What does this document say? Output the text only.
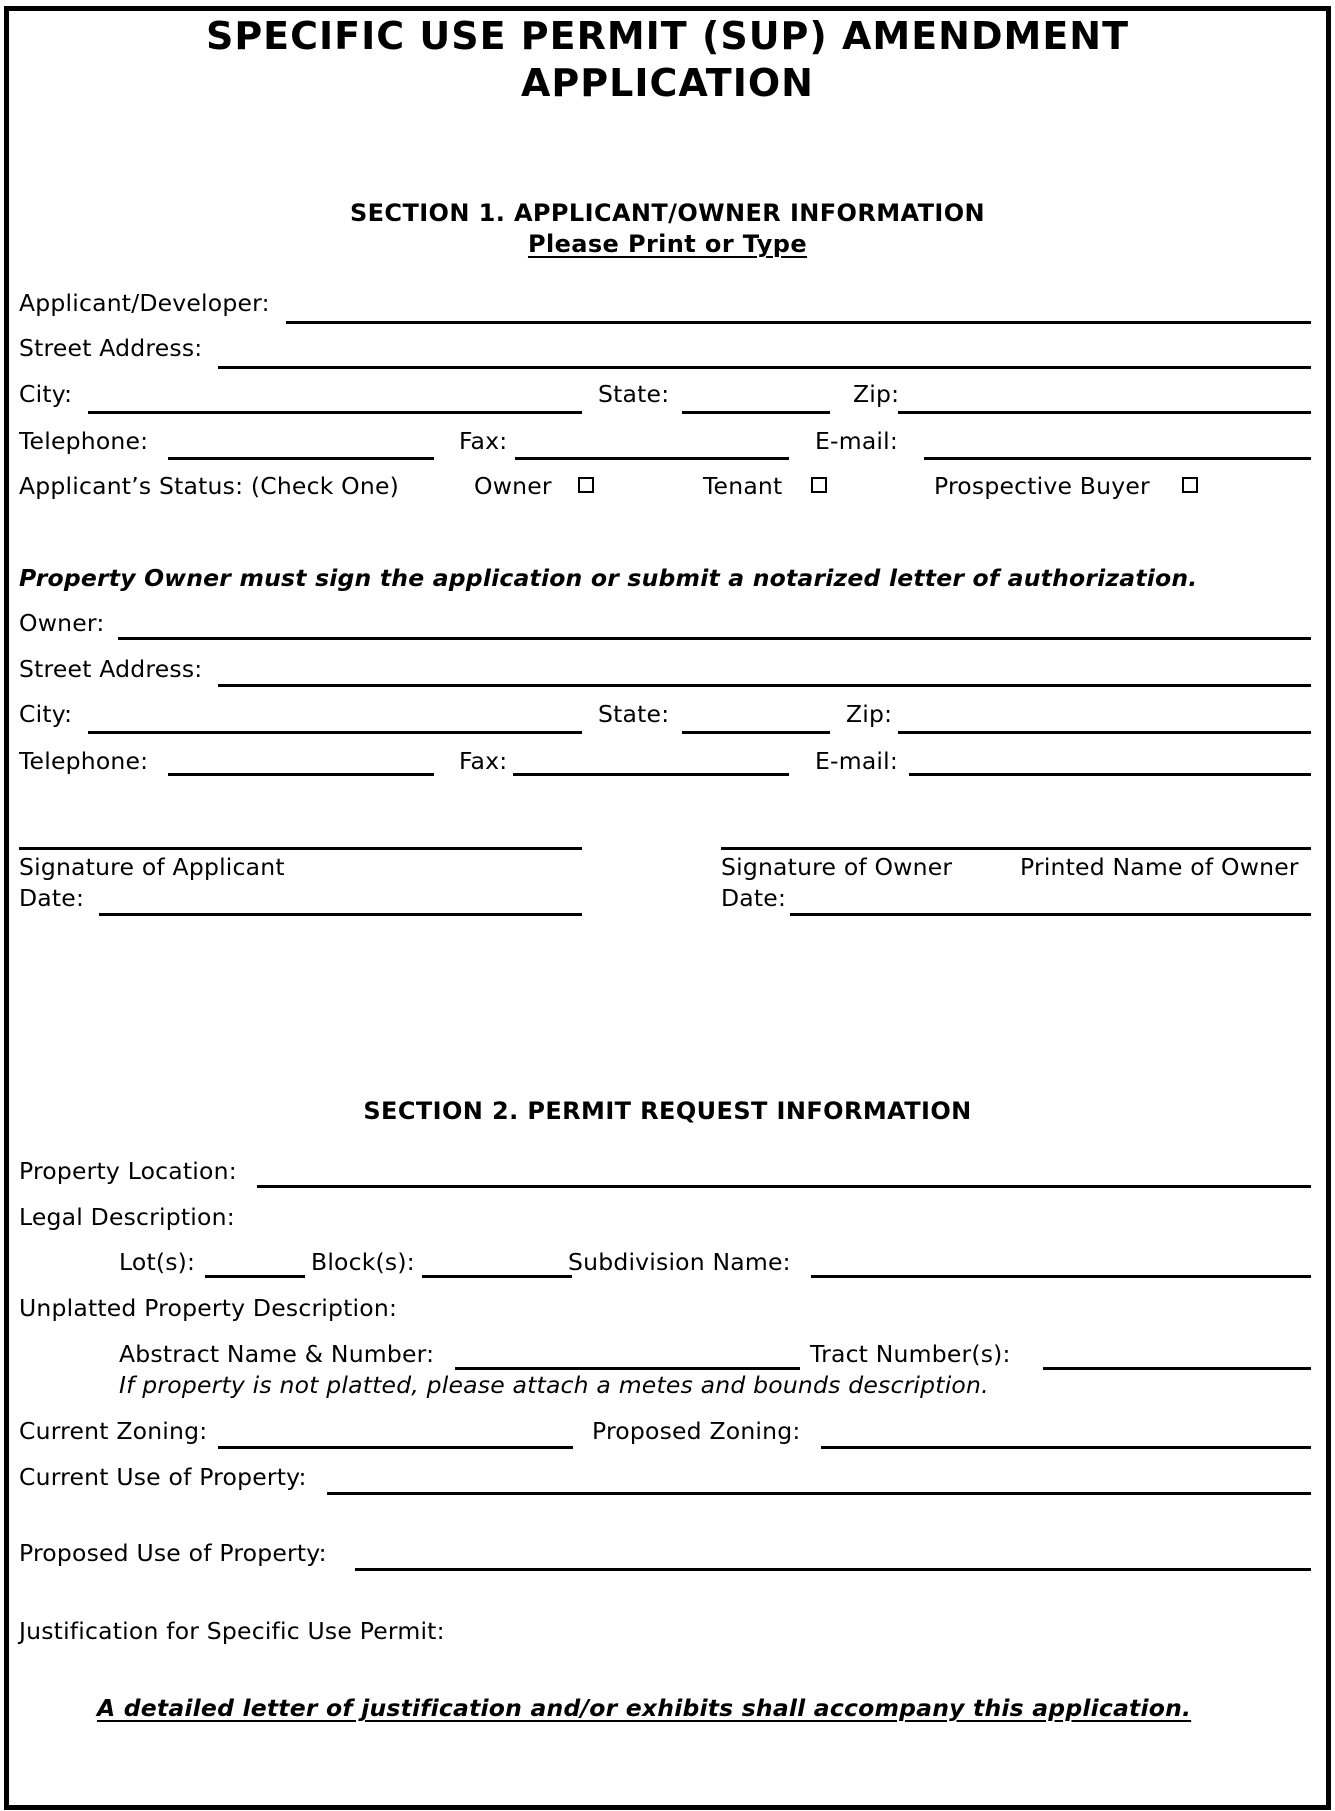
SPECIFIC USE PERMIT (SUP) AMENDMENT
APPLICATION
SECTION 1. APPLICANT/OWNER INFORMATION
Please Print or Type
Applicant/Developer:
Street Address:
City:	State:	Zip:
Telephone:	Fax:	E-mail:
Applicant’s Status: (Check One)	Owner	Tenant	Prospective Buyer
Property Owner must sign the application or submit a notarized letter of authorization.
Owner:
Street Address:
City:	State:	Zip:
Telephone:	Fax:	E-mail:
Signature of Applicant
Date:
Signature of Owner	Printed Name of Owner
Date:
SECTION 2. PERMIT REQUEST INFORMATION
Property Location:
Legal Description:
Lot(s):	Block(s):	Subdivision Name:
Unplatted Property Description:
Abstract Name & Number:	Tract Number(s):
If property is not platted, please attach a metes and bounds description.
Current Zoning:	Proposed Zoning:
Current Use of Property:
Proposed Use of Property:
Justification for Specific Use Permit:
A detailed letter of justification and/or exhibits shall accompany this application.
